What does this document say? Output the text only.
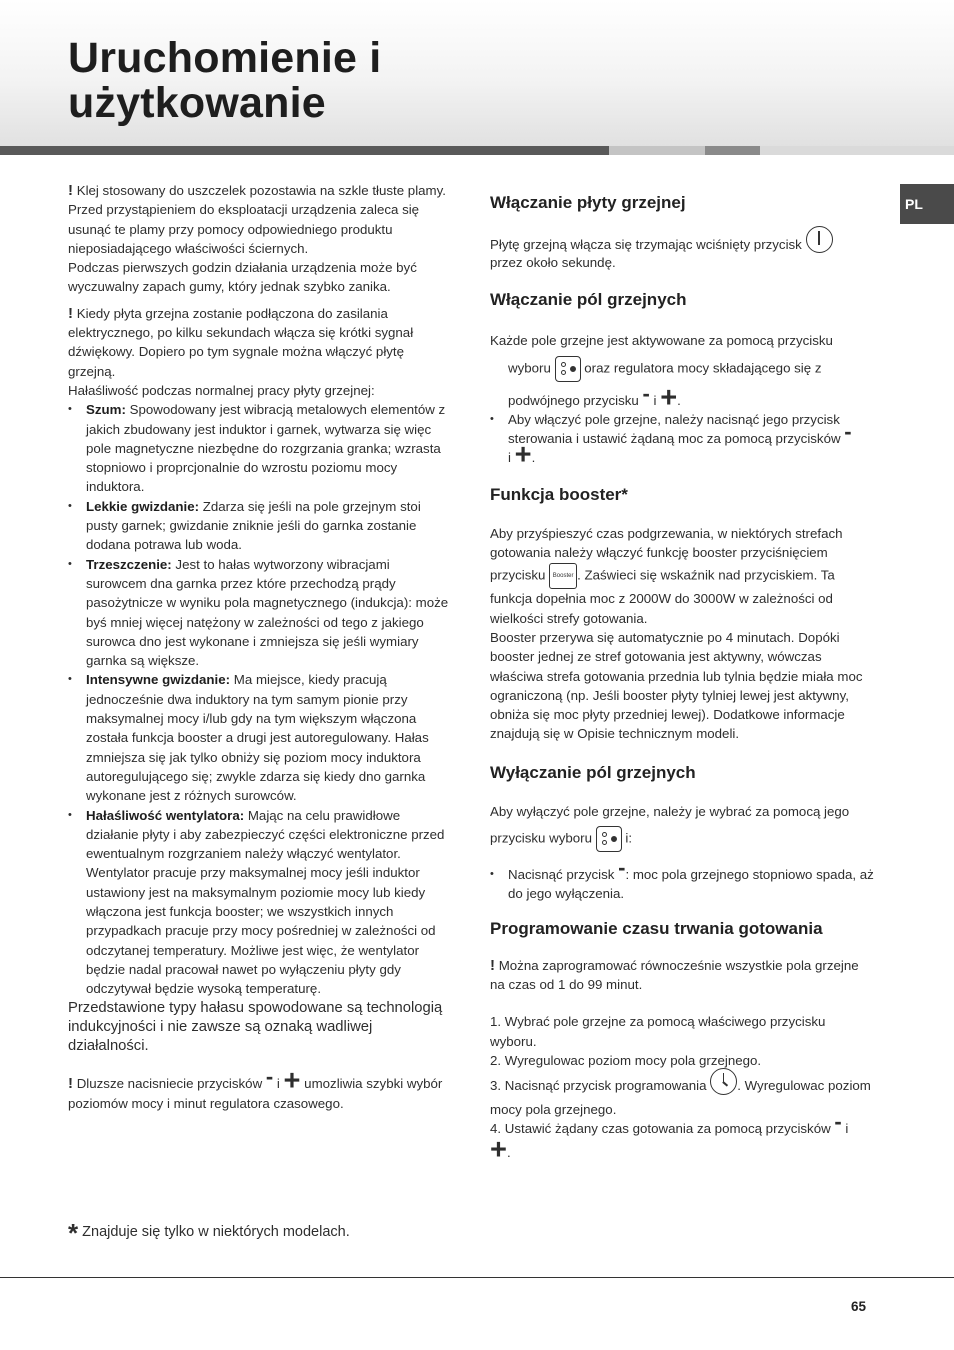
Uruchomienie i
użytkowanie
PL

! Klej stosowany do uszczelek pozostawia na szkle tłuste plamy. Przed przystąpieniem do eksploatacji urządzenia zaleca się usunąć te plamy przy pomocy odpowiedniego produktu nieposiadającego właściwości ściernych.

Podczas pierwszych godzin działania urządzenia może być wyczuwalny zapach gumy, który jednak szybko zanika.

! Kiedy płyta grzejna zostanie podłączona do zasilania elektrycznego, po kilku sekundach włącza się krótki sygnał dźwiękowy. Dopiero po tym sygnale można włączyć płytę grzejną.

Hałaśliwość podczas normalnej pracy płyty grzejnej:

• Szum: Spowodowany jest wibracją metalowych elementów z jakich zbudowany jest induktor i garnek, wytwarza się więc pole magnetyczne niezbędne do rozgrzania granka; wzrasta stopniowo i proprcjonalnie do wzrostu poziomu mocy induktora.
• Lekkie gwizdanie: Zdarza się jeśli na pole grzejnym stoi pusty garnek; gwizdanie zniknie jeśli do garnka zostanie dodana potrawa lub woda.
• Trzeszczenie: Jest to hałas wytworzony wibracjami surowcem dna garnka przez które przechodzą prądy pasożytnicze w wyniku pola magnetycznego (indukcja): może byś mniej więcej natężony w zależności od tego z jakiego surowca dno jest wykonane i zmniejsza się jeśli wymiary garnka są większe.
• Intensywne gwizdanie: Ma miejsce, kiedy pracują jednocześnie dwa induktory na tym samym pionie przy maksymalnej mocy i/lub gdy na tym większym włączona została funkcja booster a drugi jest autoregulowany. Hałas zmniejsza się jak tylko obniży się poziom mocy induktora autoregulującego się; zwykle zdarza się kiedy dno garnka wykonane jest z różnych surowców.
• Hałaśliwość wentylatora: Mając na celu prawidłowe działanie płyty i aby zabezpieczyć części elektroniczne przed ewentualnym rozgrzaniem należy włączyć wentylator. Wentylator pracuje przy maksymalnej mocy jeśli induktor ustawiony jest na maksymalnym poziomie mocy lub kiedy włączona jest funkcja booster; we wszystkich innych przypadkach pracuje przy mocy pośredniej w zależności od odczytanej temperatury. Możliwe jest więc, że wentylator będzie nadal pracował nawet po wyłączeniu płyty gdy odczytywał będzie wysoką temperaturę.

Przedstawione typy hałasu spowodowane są technologią indukcyjności i nie zawsze są oznaką wadliwej działalności.

! Dluzsze nacisniecie przycisków - i + umozliwia szybki wybór poziomów mocy i minut regulatora czasowego.

* Znajduje się tylko w niektórych modelach.
Włączanie płyty grzejnej

Płytę grzejną włącza się trzymając wciśnięty przycisk

przez około sekundę.

Włączanie pól grzejnych

Każde pole grzejne jest aktywowane za pomocą przycisku

wyboru
oraz regulatora mocy składającego się z

podwójnego przycisku - i +.

• Aby włączyć pole grzejne, należy nacisnąć jego przycisk sterowania i ustawić żądaną moc za pomocą przycisków -
i +.
Funkcja booster*

Aby przyśpieszyć czas podgrzewania, w niektórych strefach gotowania należy włączyć funkcję booster przyciśnięciem

przycisku Booster . Zaświeci się wskaźnik nad przyciskiem. Ta funkcja dopełnia moc z 2000W do 3000W w zależności od wielkości strefy gotowania.

Booster przerywa się automatycznie po 4 minutach. Dopóki booster jednej ze stref gotowania jest aktywny, wówczas właściwa strefa gotowania przednia lub tylnia będzie miała moc ograniczoną (np. Jeśli booster płyty tylniej lewej jest aktywny, obniża się moc płyty przedniej lewej). Dodatkowe informacje znajdują się w Opisie technicznym modeli.

Wyłączanie pól grzejnych

Aby wyłączyć pole grzejne, należy je wybrać za pomocą jego

przycisku wyboru
i:

• Nacisnąć przycisk -: moc pola grzejnego stopniowo spada, aż do jego wyłączenia.
Programowanie czasu trwania gotowania

! Można zaprogramować równocześnie wszystkie pola grzejne na czas od 1 do 99 minut.

1. Wybrać pole grzejne za pomocą właściwego przycisku wyboru.

2. Wyregulowac poziom mocy pola grzejnego.

3. Nacisnąć przycisk programowania . Wyregulowac poziom mocy pola grzejnego.

4. Ustawić żądany czas gotowania za pomocą przycisków - i

+.

65
